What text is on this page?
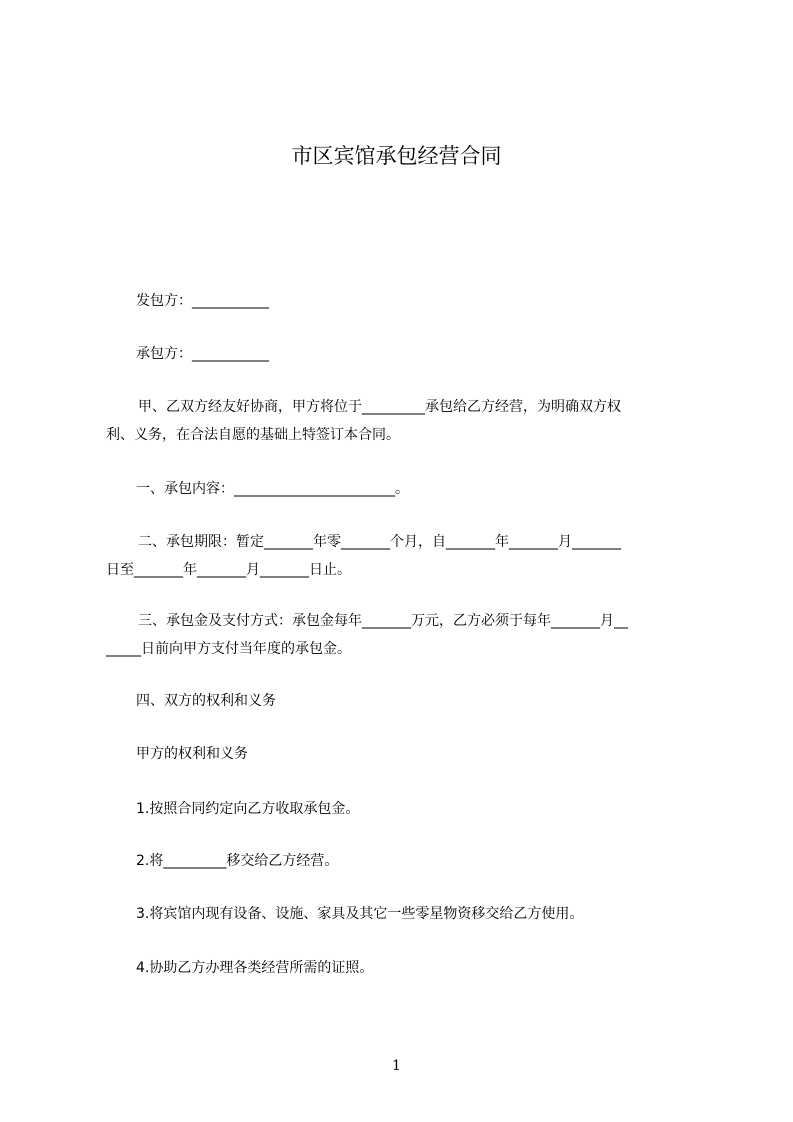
市区宾馆承包经营合同
发包方：___________
承包方：___________
甲、乙双方经友好协商，甲方将位于_________承包给乙方经营，为明确双方权
利、义务，在合法自愿的基础上特签订本合同。
一、承包内容：_______________________。
二、承包期限：暂定_______年零_______个月，自_______年_______月_______
日至_______年_______月_______日止。
三、承包金及支付方式：承包金每年_______万元，乙方必须于每年_______月__
_____日前向甲方支付当年度的承包金。
四、双方的权利和义务
甲方的权利和义务
1.按照合同约定向乙方收取承包金。
2.将_________移交给乙方经营。
3.将宾馆内现有设备、设施、家具及其它一些零星物资移交给乙方使用。
4.协助乙方办理各类经营所需的证照。
1
